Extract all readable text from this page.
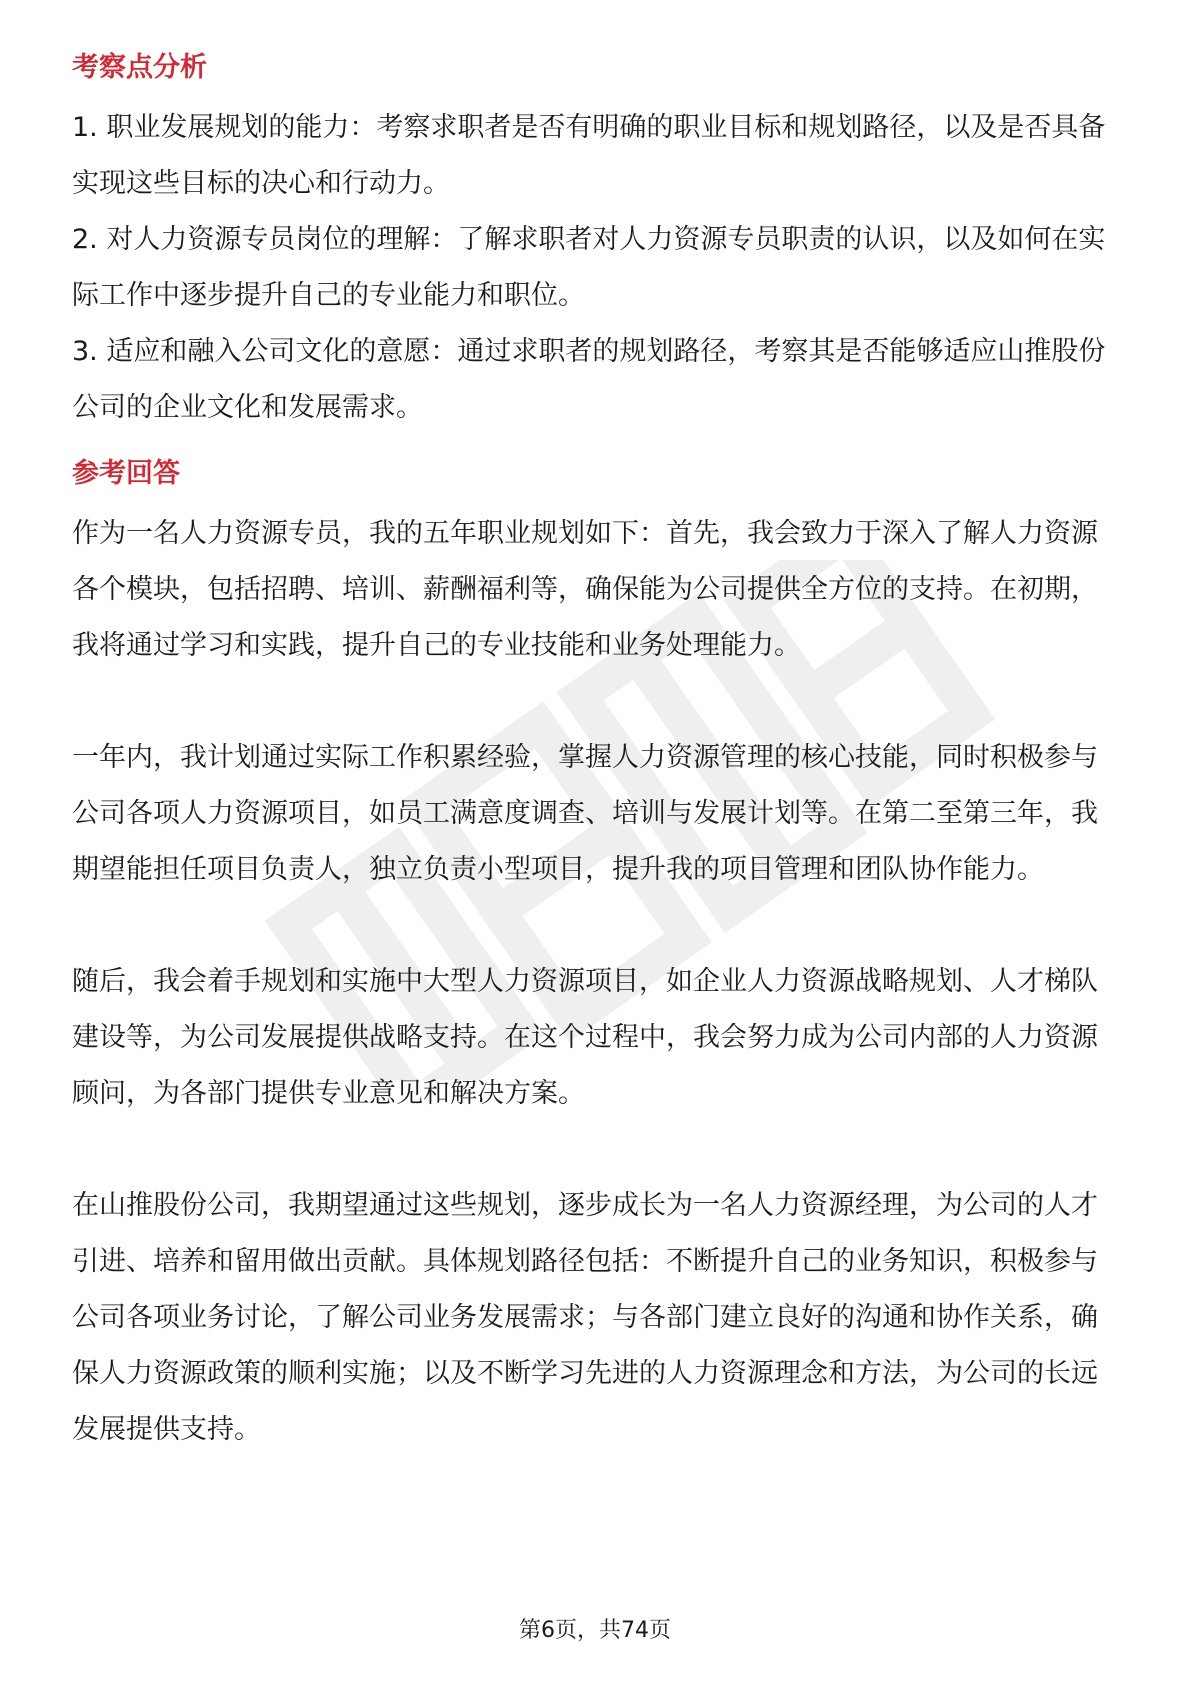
考察点分析

1. 职业发展规划的能力：考察求职者是否有明确的职业目标和规划路径，以及是否具备实现这些目标的决心和行动力。

2. 对人力资源专员岗位的理解：了解求职者对人力资源专员职责的认识，以及如何在实际工作中逐步提升自己的专业能力和职位。

3. 适应和融入公司文化的意愿：通过求职者的规划路径，考察其是否能够适应山推股份公司的企业文化和发展需求。

参考回答

作为一名人力资源专员，我的五年职业规划如下：首先，我会致力于深入了解人力资源各个模块，包括招聘、培训、薪酬福利等，确保能为公司提供全方位的支持。在初期，我将通过学习和实践，提升自己的专业技能和业务处理能力。

一年内，我计划通过实际工作积累经验，掌握人力资源管理的核心技能，同时积极参与公司各项人力资源项目，如员工满意度调查、培训与发展计划等。在第二至第三年，我期望能担任项目负责人，独立负责小型项目，提升我的项目管理和团队协作能力。

随后，我会着手规划和实施中大型人力资源项目，如企业人力资源战略规划、人才梯队建设等，为公司发展提供战略支持。在这个过程中，我会努力成为公司内部的人力资源顾问，为各部门提供专业意见和解决方案。

在山推股份公司，我期望通过这些规划，逐步成长为一名人力资源经理，为公司的人才引进、培养和留用做出贡献。具体规划路径包括：不断提升自己的业务知识，积极参与公司各项业务讨论，了解公司业务发展需求；与各部门建立良好的沟通和协作关系，确保人力资源政策的顺利实施；以及不断学习先进的人力资源理念和方法，为公司的长远发展提供支持。

第6页，共74页
